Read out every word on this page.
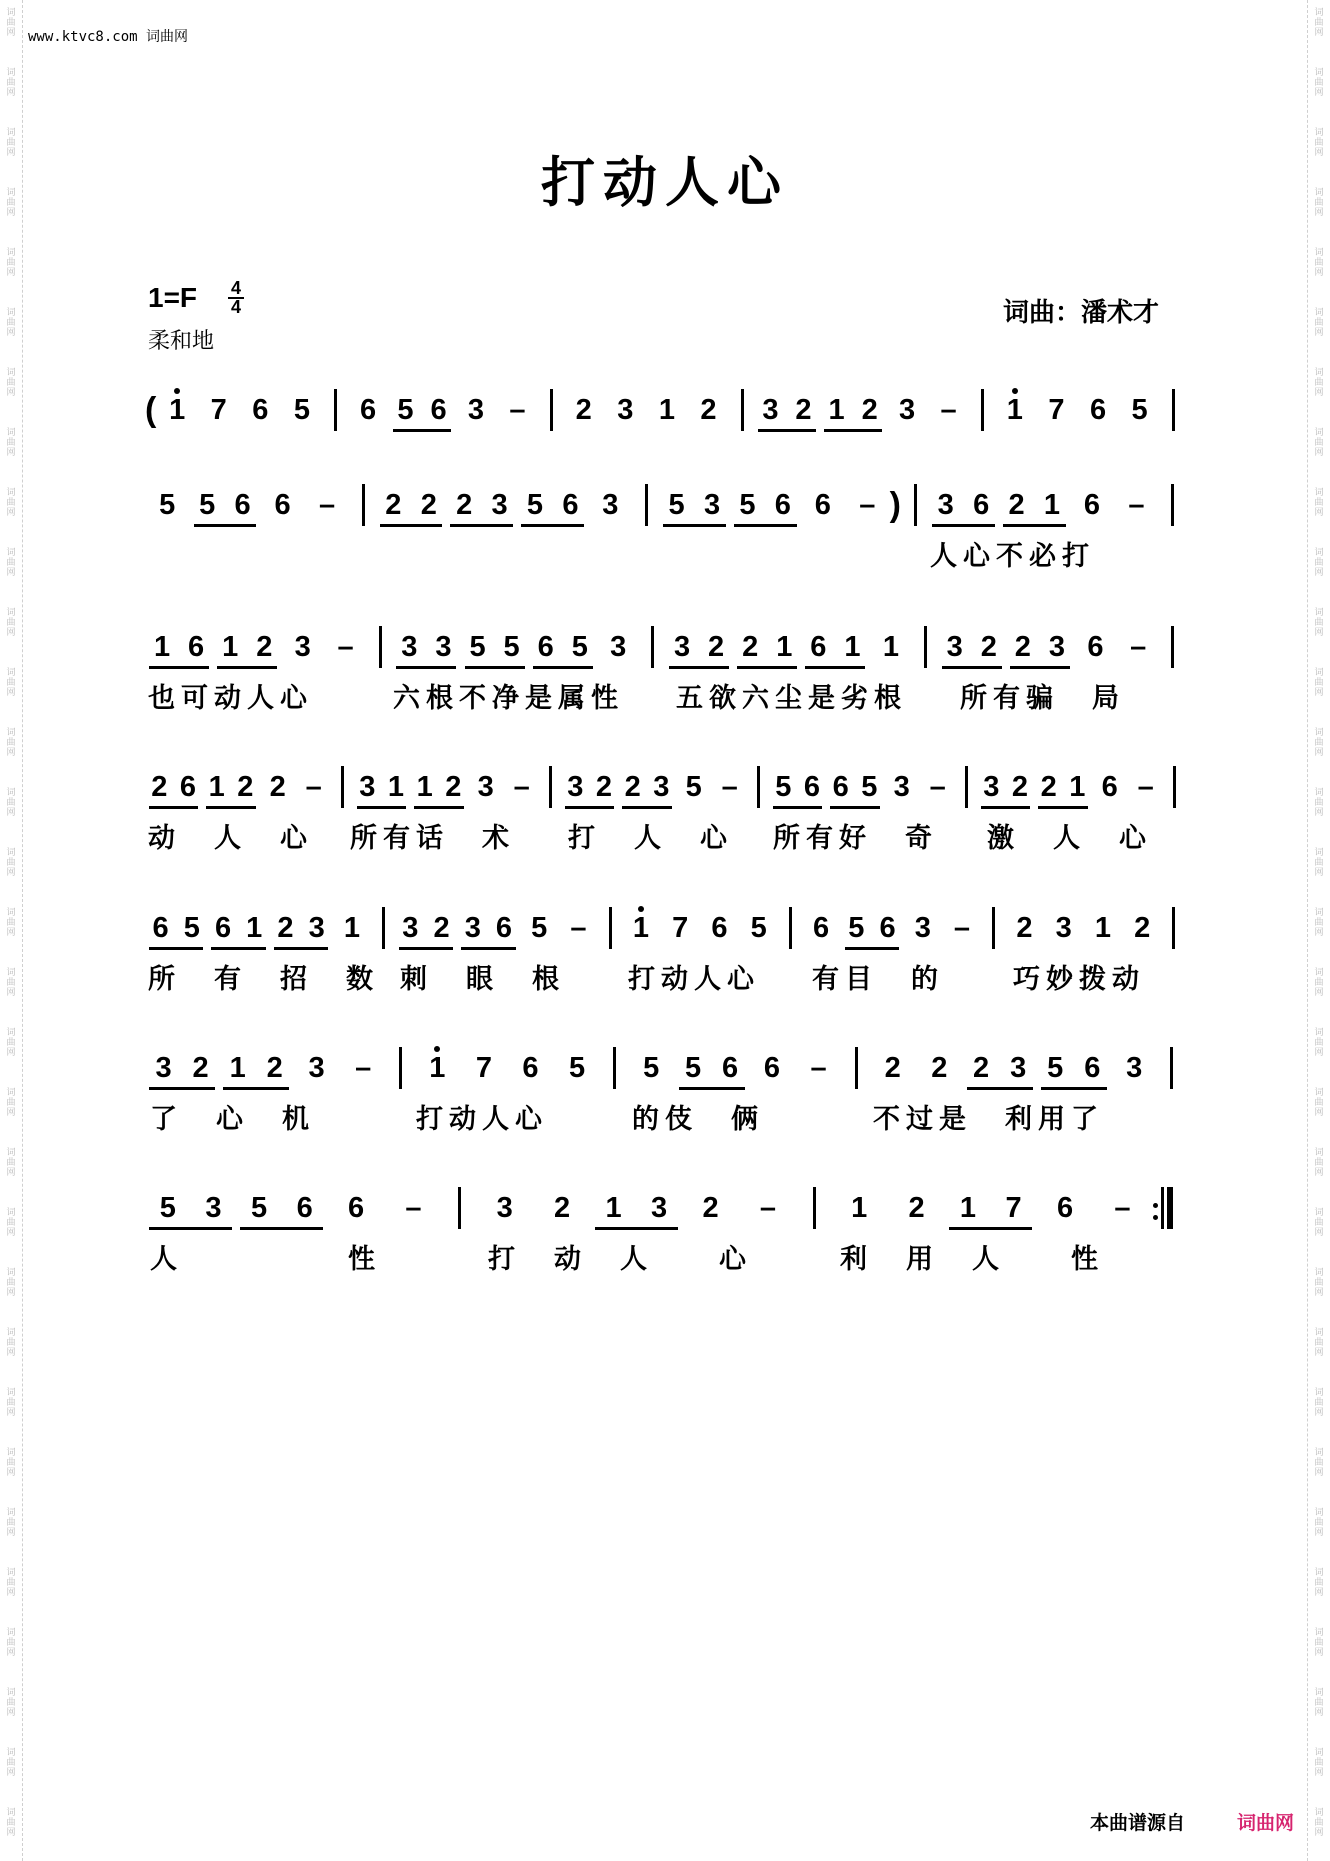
词
曲
网
词
曲
网
词
曲
网
词
曲
网
词
曲
网
词
曲
网
词
曲
网
词
曲
网
词
曲
网
词
曲
网
词
曲
网
词
曲
网
词
曲
网
词
曲
网
词
曲
网
词
曲
网
词
曲
网
词
曲
网
词
曲
网
词
曲
网
词
曲
网
词
曲
网
词
曲
网
词
曲
网
词
曲
网
词
曲
网
词
曲
网
词
曲
网
词
曲
网
词
曲
网
词
曲
网
词
曲
网
词
曲
网
词
曲
网
词
曲
网
词
曲
网
词
曲
网
词
曲
网
词
曲
网
词
曲
网
词
曲
网
词
曲
网
词
曲
网
词
曲
网
词
曲
网
词
曲
网
词
曲
网
词
曲
网
词
曲
网
词
曲
网
词
曲
网
词
曲
网
词
曲
网
词
曲
网
词
曲
网
词
曲
网
词
曲
网
词
曲
网
词
曲
网
词
曲
网
词
曲
网
词
曲
网
www.ktvc8.com 词曲网
打动人心
1=F 4
4
柔和地
词曲：潘术才
( 1 7 6 5 6 5 6 3 – 2 3 1 2 3 2 1 2 3 – 1 7 6 5
5 5 6 6 – 2 2 2 3 5 6 3 5 3 5 6 6 – ) 3 6 2 1 6 –
人心不必打
1 6 1 2 3 – 3 3 5 5 6 5 3 3 2 2 1 6 1 1 3 2 2 3 6 –
也可动人心	六根不净是属性 五欲六尘是劣根 所有骗　局
2 6 1 2 2 – 3 1 1 2 3 – 3 2 2 3 5 – 5 6 6 5 3 – 3 2 2 1 6 –
动　人　心 所有话　术 打　人　心 所有好　奇 激　人　心
6 5 6 1 2 3 1 3 2 3 6 5 – 1 7 6 5 6 5 6 3 – 2 3 1 2
所　有　招　数 刺　眼　根 打动人心 有目　的	巧妙拨动
3 2 1 2 3 – 1 7 6 5 5 5 6 6 – 2 2 2 3 5 6 3
了　心　机	打动人心	的伎　俩	不过是　利用了
5 3 5 6 6 –	3 2 1 3 2 –	1 2 1 7 6 –
人　　　　　性	打　动　人　　心	利　用　人　　性
本曲谱源自	词曲网
